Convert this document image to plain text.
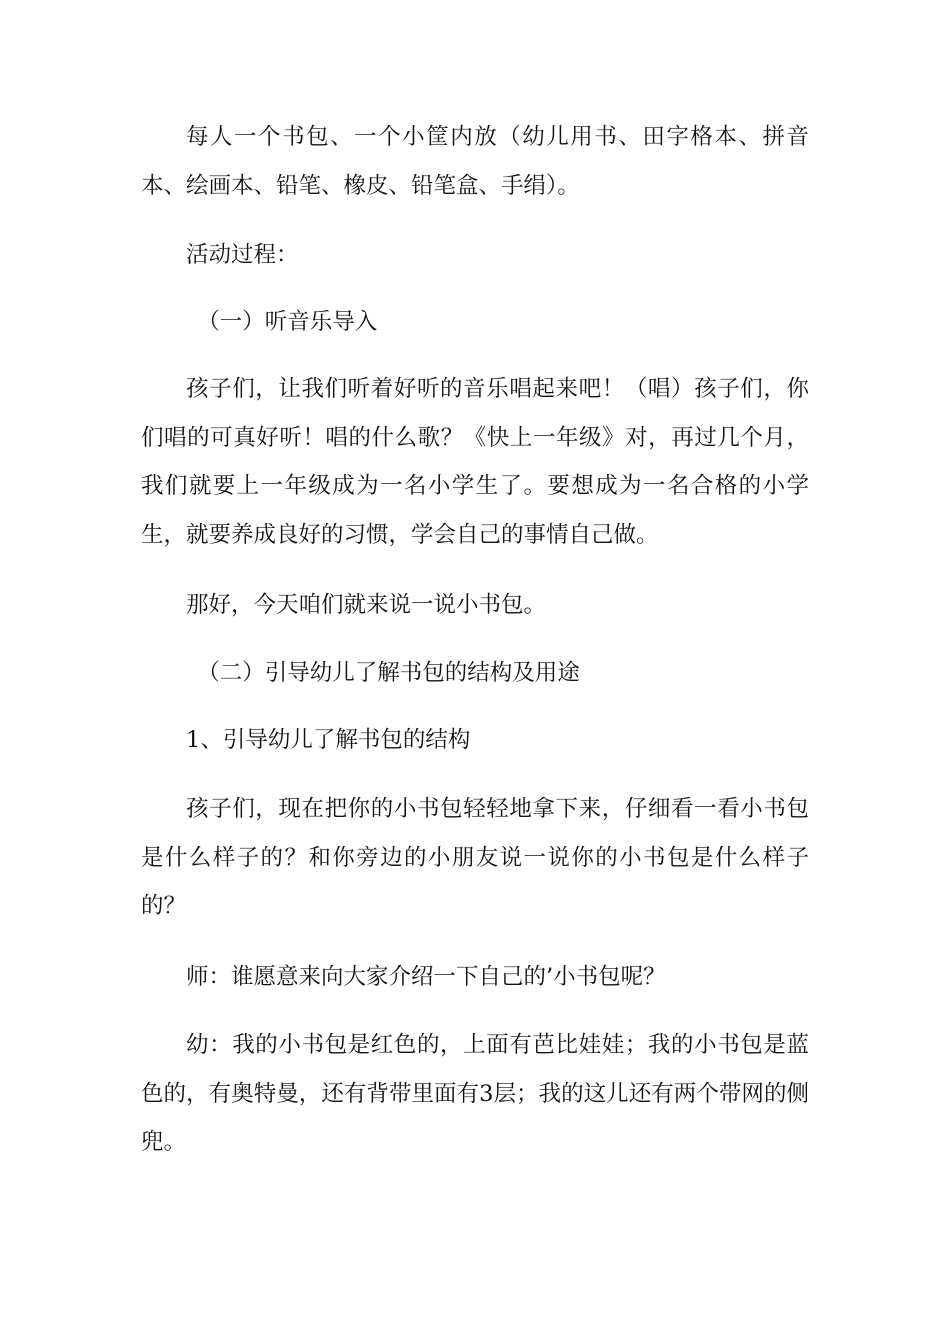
每人一个书包、一个小筐内放（幼儿用书、田字格本、拼音本、绘画本、铅笔、橡皮、铅笔盒、手绢）。
活动过程：
（一）听音乐导入
孩子们，让我们听着好听的音乐唱起来吧！（唱）孩子们，你们唱的可真好听！唱的什么歌？《快上一年级》对，再过几个月，我们就要上一年级成为一名小学生了。要想成为一名合格的小学生，就要养成良好的习惯，学会自己的事情自己做。
那好，今天咱们就来说一说小书包。
（二）引导幼儿了解书包的结构及用途
1、引导幼儿了解书包的结构
孩子们，现在把你的小书包轻轻地拿下来，仔细看一看小书包是什么样子的？和你旁边的小朋友说一说你的小书包是什么样子的？
师：谁愿意来向大家介绍一下自己的’小书包呢？
幼：我的小书包是红色的，上面有芭比娃娃；我的小书包是蓝色的，有奥特曼，还有背带里面有3层；我的这儿还有两个带网的侧兜。
